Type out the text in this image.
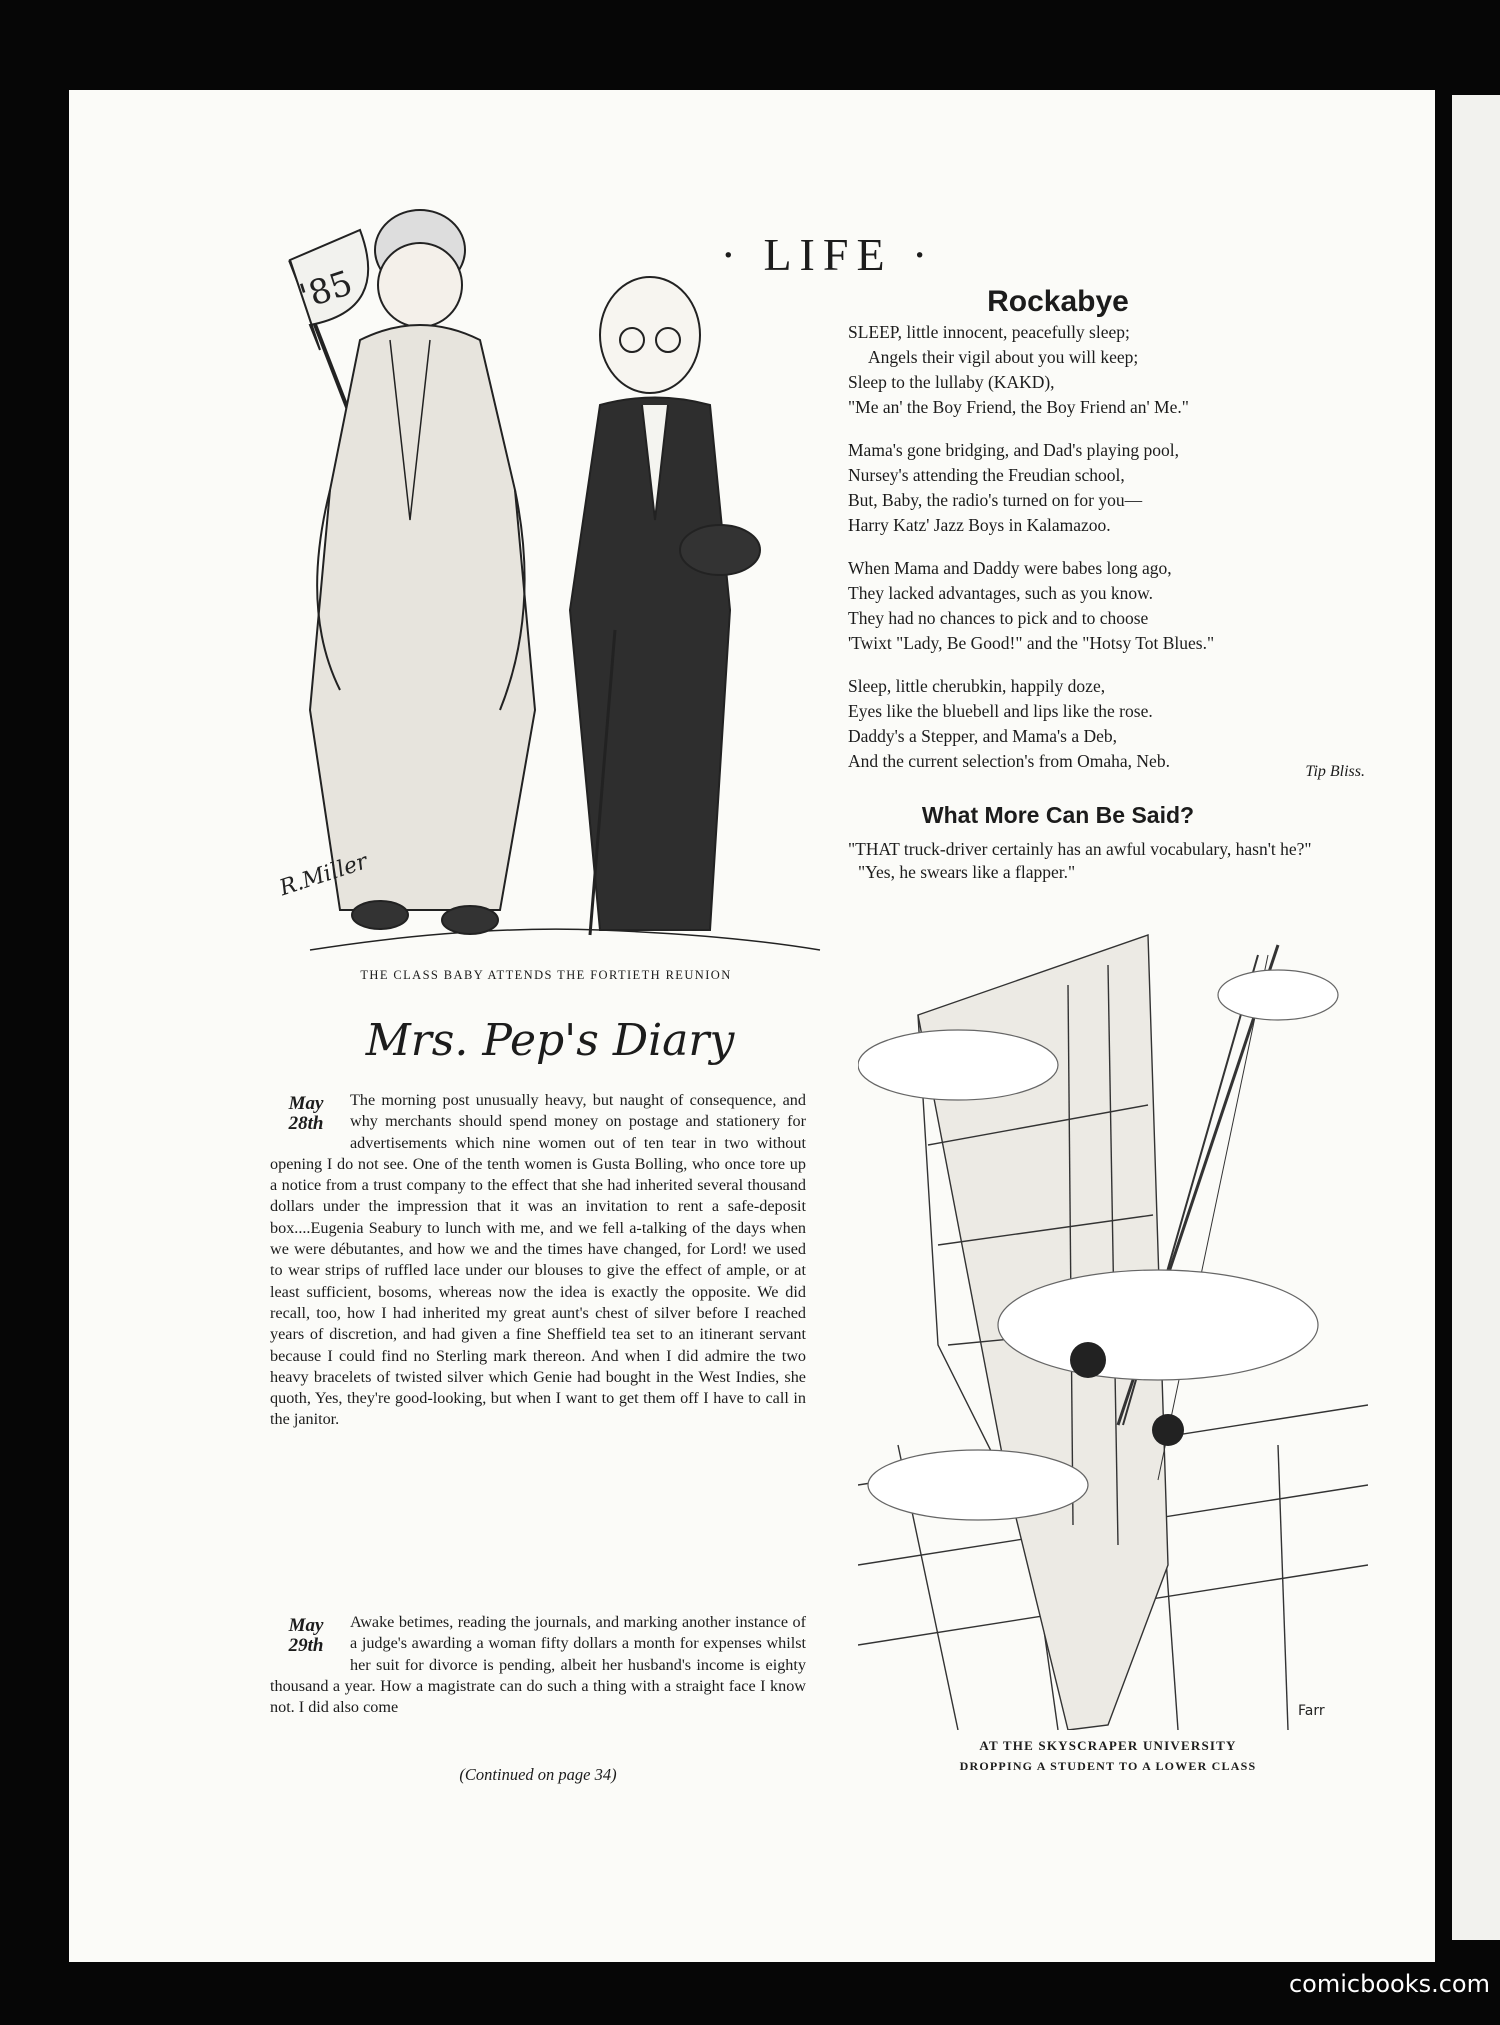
· LIFE ·
'85
R.Miller
THE CLASS BABY ATTENDS THE FORTIETH REUNION
Rockabye
SLEEP, little innocent, peacefully sleep;
Angels their vigil about you will keep;
Sleep to the lullaby (KAKD),
"Me an' the Boy Friend, the Boy Friend an' Me."
Mama's gone bridging, and Dad's playing pool,
Nursey's attending the Freudian school,
But, Baby, the radio's turned on for you—
Harry Katz' Jazz Boys in Kalamazoo.
When Mama and Daddy were babes long ago,
They lacked advantages, such as you know.
They had no chances to pick and to choose
'Twixt "Lady, Be Good!" and the "Hotsy Tot Blues."
Sleep, little cherubkin, happily doze,
Eyes like the bluebell and lips like the rose.
Daddy's a Stepper, and Mama's a Deb,
And the current selection's from Omaha, Neb.
Tip Bliss.
What More Can Be Said?
"THAT truck-driver certainly has an awful vocabulary, hasn't he?"
"Yes, he swears like a flapper."
Farr
AT THE SKYSCRAPER UNIVERSITY
DROPPING A STUDENT TO A LOWER CLASS
Mrs. Pep's Diary
May
28th
The morning post unusually heavy, but naught of consequence, and why merchants should spend money on postage and stationery for advertisements which nine women out of ten tear in two without opening I do not see. One of the tenth women is Gusta Bolling, who once tore up a notice from a trust company to the effect that she had inherited several thousand dollars under the impression that it was an invitation to rent a safe-deposit box....Eugenia Seabury to lunch with me, and we fell a-talking of the days when we were débutantes, and how we and the times have changed, for Lord! we used to wear strips of ruffled lace under our blouses to give the effect of ample, or at least sufficient, bosoms, whereas now the idea is exactly the opposite. We did recall, too, how I had inherited my great aunt's chest of silver before I reached years of discretion, and had given a fine Sheffield tea set to an itinerant servant because I could find no Sterling mark thereon. And when I did admire the two heavy bracelets of twisted silver which Genie had bought in the West Indies, she quoth, Yes, they're good-looking, but when I want to get them off I have to call in the janitor.
May
29th
Awake betimes, reading the journals, and marking another instance of a judge's awarding a woman fifty dollars a month for expenses whilst her suit for divorce is pending, albeit her husband's income is eighty thousand a year. How a magistrate can do such a thing with a straight face I know not. I did also come
(Continued on page 34)
comicbooks.com
